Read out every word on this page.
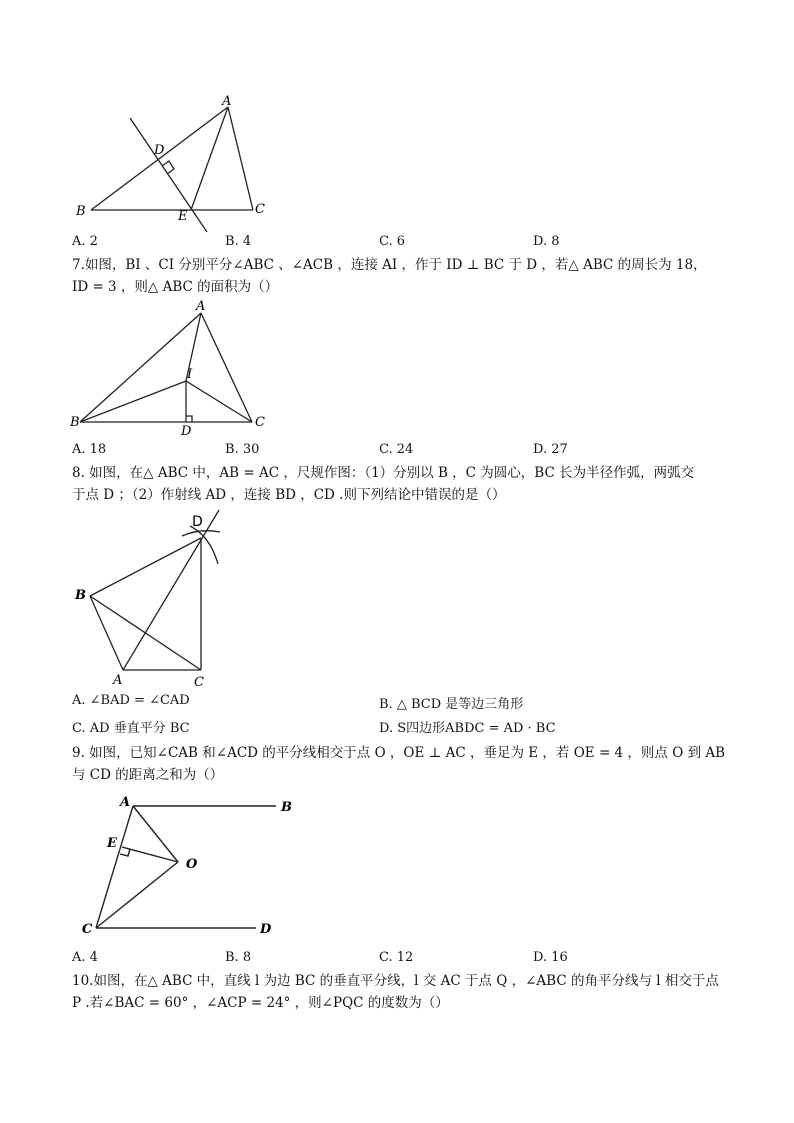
A
B	C
D
E
A. 2	B. 4	C. 6	D. 8
7.如图，BI 、CI 分别平分∠ABC 、∠ACB ，连接 AI ，作于 ID ⊥ BC 于 D ，若△ ABC 的周长为 18，
ID = 3 ，则△ ABC 的面积为（）
A
B	C
I
D
A. 18	B. 30	C. 24	D. 27
8. 如图，在△ ABC 中，AB = AC ，尺规作图：（1）分别以 B ，C 为圆心，BC 长为半径作弧，两弧交
于点 D ；（2）作射线 AD ，连接 BD ，CD .则下列结论中错误的是（）
D
B
A	C
A. ∠BAD = ∠CAD	B. △ BCD 是等边三角形
C. AD 垂直平分 BC	D. S四边形ABDC = AD · BC
9. 如图，已知∠CAB 和∠ACD 的平分线相交于点 O ，OE ⊥ AC ，垂足为 E ，若 OE = 4 ，则点 O 到 AB
与 CD 的距离之和为（）
A	B
E
O
C	D
A. 4	B. 8	C. 12	D. 16
10.如图，在△ ABC 中，直线 l 为边 BC 的垂直平分线，l 交 AC 于点 Q ，∠ABC 的角平分线与 l 相交于点
P .若∠BAC = 60° ，∠ACP = 24° ，则∠PQC 的度数为（）
